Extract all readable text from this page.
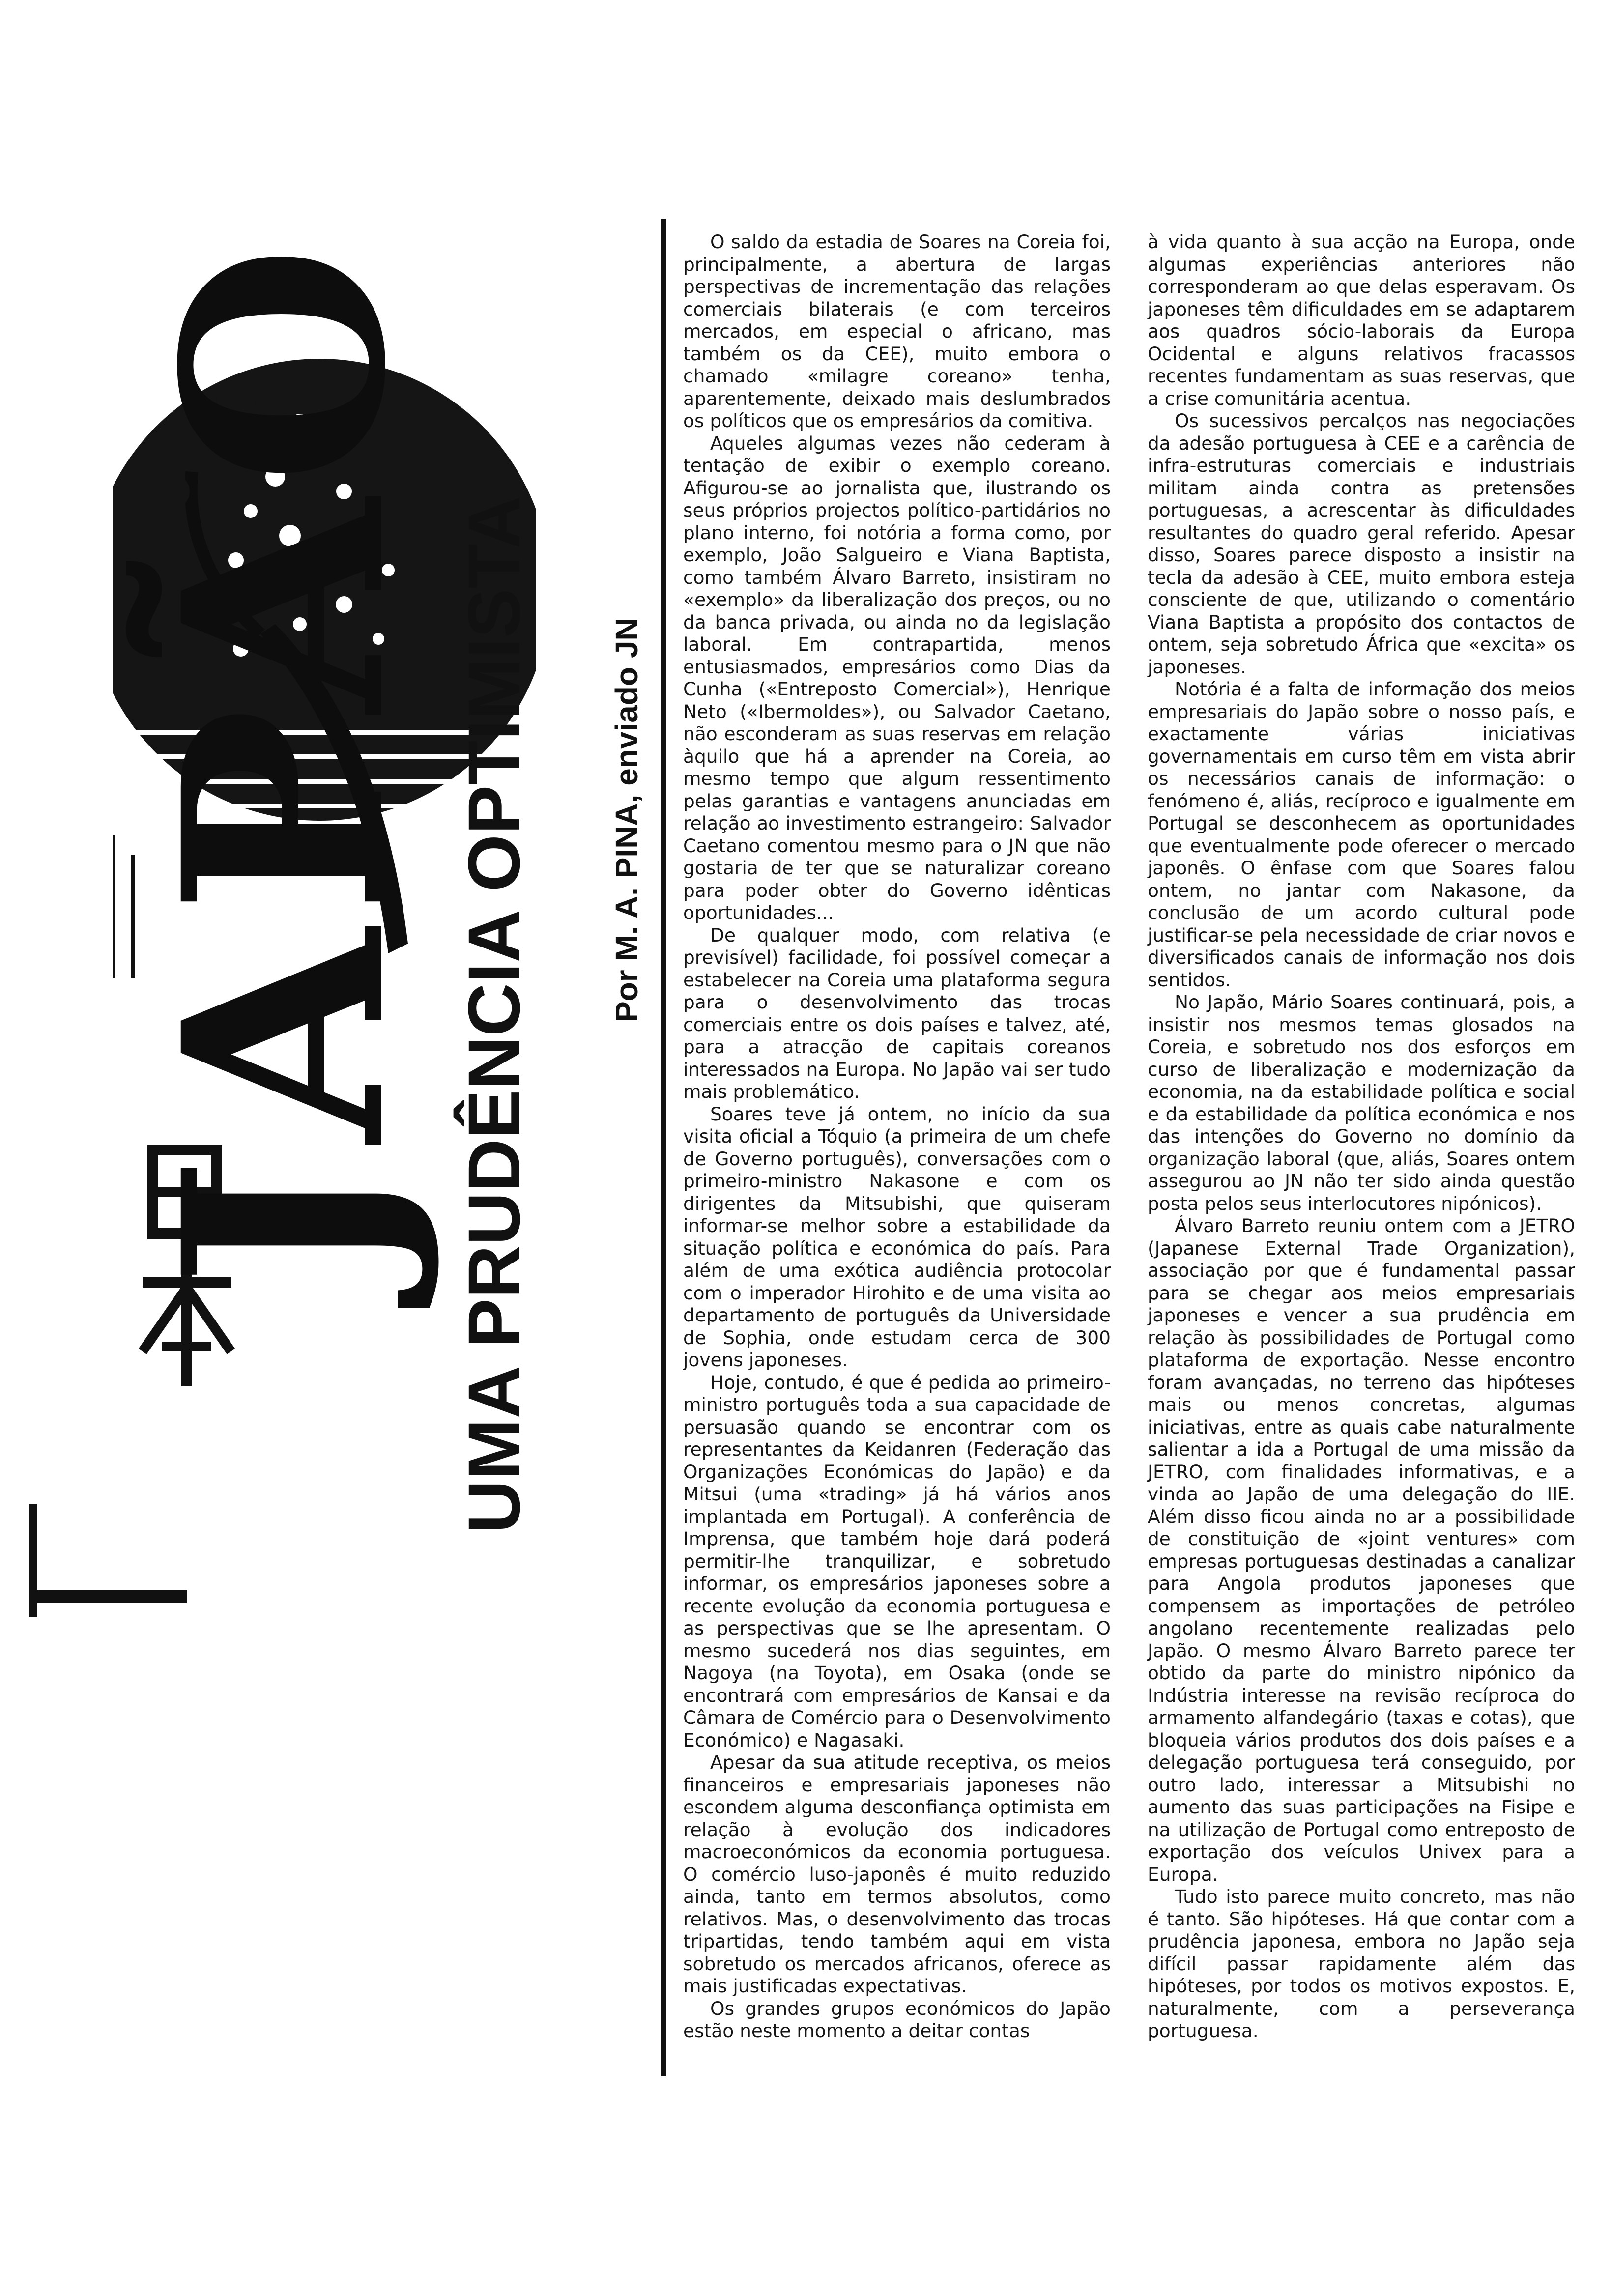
JAPÃO UMA PRUDÊNCIA OPTIMISTA Por M. A. PINA, enviado JN

O saldo da estadia de Soares na Coreia foi, principalmente, a abertura de largas perspectivas de incrementação das relações comerciais bilaterais (e com terceiros mercados, em especial o africano, mas também os da CEE), muito embora o chamado «milagre coreano» tenha, aparentemente, deixado mais deslumbrados os políticos que os empresários da comitiva.

Aqueles algumas vezes não cederam à tentação de exibir o exemplo coreano. Afigurou-se ao jornalista que, ilustrando os seus próprios projectos político-partidários no plano interno, foi notória a forma como, por exemplo, João Salgueiro e Viana Baptista, como também Álvaro Barreto, insistiram no «exemplo» da liberalização dos preços, ou no da banca privada, ou ainda no da legislação laboral. Em contrapartida, menos entusiasmados, empresários como Dias da Cunha («Entreposto Comercial»), Henrique Neto («Ibermoldes»), ou Salvador Caetano, não esconderam as suas reservas em relação àquilo que há a aprender na Coreia, ao mesmo tempo que algum ressentimento pelas garantias e vantagens anunciadas em relação ao investimento estrangeiro: Salvador Caetano comentou mesmo para o JN que não gostaria de ter que se naturalizar coreano para poder obter do Governo idênticas oportunidades...

De qualquer modo, com relativa (e previsível) facilidade, foi possível começar a estabelecer na Coreia uma plataforma segura para o desenvolvimento das trocas comerciais entre os dois países e talvez, até, para a atracção de capitais coreanos interessados na Europa. No Japão vai ser tudo mais problemático.

Soares teve já ontem, no início da sua visita oficial a Tóquio (a primeira de um chefe de Governo português), conversações com o primeiro-ministro Nakasone e com os dirigentes da Mitsubishi, que quiseram informar-se melhor sobre a estabilidade da situação política e económica do país. Para além de uma exótica audiência protocolar com o imperador Hirohito e de uma visita ao departamento de português da Universidade de Sophia, onde estudam cerca de 300 jovens japoneses.

Hoje, contudo, é que é pedida ao primeiro-ministro português toda a sua capacidade de persuasão quando se encontrar com os representantes da Keidanren (Federação das Organizações Económicas do Japão) e da Mitsui (uma «trading» já há vários anos implantada em Portugal). A conferência de Imprensa, que também hoje dará poderá permitir-lhe tranquilizar, e sobretudo informar, os empresários japoneses sobre a recente evolução da economia portuguesa e as perspectivas que se lhe apresentam. O mesmo sucederá nos dias seguintes, em Nagoya (na Toyota), em Osaka (onde se encontrará com empresários de Kansai e da Câmara de Comércio para o Desenvolvimento Económico) e Nagasaki.

Apesar da sua atitude receptiva, os meios financeiros e empresariais japoneses não escondem alguma desconfiança optimista em relação à evolução dos indicadores macroeconómicos da economia portuguesa. O comércio luso-japonês é muito reduzido ainda, tanto em termos absolutos, como relativos. Mas, o desenvolvimento das trocas tripartidas, tendo também aqui em vista sobretudo os mercados africanos, oferece as mais justificadas expectativas.

Os grandes grupos económicos do Japão estão neste momento a deitar contas

à vida quanto à sua acção na Europa, onde algumas experiências anteriores não corresponderam ao que delas esperavam. Os japoneses têm dificuldades em se adaptarem aos quadros sócio-laborais da Europa Ocidental e alguns relativos fracassos recentes fundamentam as suas reservas, que a crise comunitária acentua.

Os sucessivos percalços nas negociações da adesão portuguesa à CEE e a carência de infra-estruturas comerciais e industriais militam ainda contra as pretensões portuguesas, a acrescentar às dificuldades resultantes do quadro geral referido. Apesar disso, Soares parece disposto a insistir na tecla da adesão à CEE, muito embora esteja consciente de que, utilizando o comentário Viana Baptista a propósito dos contactos de ontem, seja sobretudo África que «excita» os japoneses.

Notória é a falta de informação dos meios empresariais do Japão sobre o nosso país, e exactamente várias iniciativas governamentais em curso têm em vista abrir os necessários canais de informação: o fenómeno é, aliás, recíproco e igualmente em Portugal se desconhecem as oportunidades que eventualmente pode oferecer o mercado japonês. O ênfase com que Soares falou ontem, no jantar com Nakasone, da conclusão de um acordo cultural pode justificar-se pela necessidade de criar novos e diversificados canais de informação nos dois sentidos.

No Japão, Mário Soares continuará, pois, a insistir nos mesmos temas glosados na Coreia, e sobretudo nos dos esforços em curso de liberalização e modernização da economia, na da estabilidade política e social e da estabilidade da política económica e nos das intenções do Governo no domínio da organização laboral (que, aliás, Soares ontem assegurou ao JN não ter sido ainda questão posta pelos seus interlocutores nipónicos).

Álvaro Barreto reuniu ontem com a JETRO (Japanese External Trade Organization), associação por que é fundamental passar para se chegar aos meios empresariais japoneses e vencer a sua prudência em relação às possibilidades de Portugal como plataforma de exportação. Nesse encontro foram avançadas, no terreno das hipóteses mais ou menos concretas, algumas iniciativas, entre as quais cabe naturalmente salientar a ida a Portugal de uma missão da JETRO, com finalidades informativas, e a vinda ao Japão de uma delegação do IIE. Além disso ficou ainda no ar a possibilidade de constituição de «joint ventures» com empresas portuguesas destinadas a canalizar para Angola produtos japoneses que compensem as importações de petróleo angolano recentemente realizadas pelo Japão. O mesmo Álvaro Barreto parece ter obtido da parte do ministro nipónico da Indústria interesse na revisão recíproca do armamento alfandegário (taxas e cotas), que bloqueia vários produtos dos dois países e a delegação portuguesa terá conseguido, por outro lado, interessar a Mitsubishi no aumento das suas participações na Fisipe e na utilização de Portugal como entreposto de exportação dos veículos Univex para a Europa.

Tudo isto parece muito concreto, mas não é tanto. São hipóteses. Há que contar com a prudência japonesa, embora no Japão seja difícil passar rapidamente além das hipóteses, por todos os motivos expostos. E, naturalmente, com a perseverança portuguesa.
